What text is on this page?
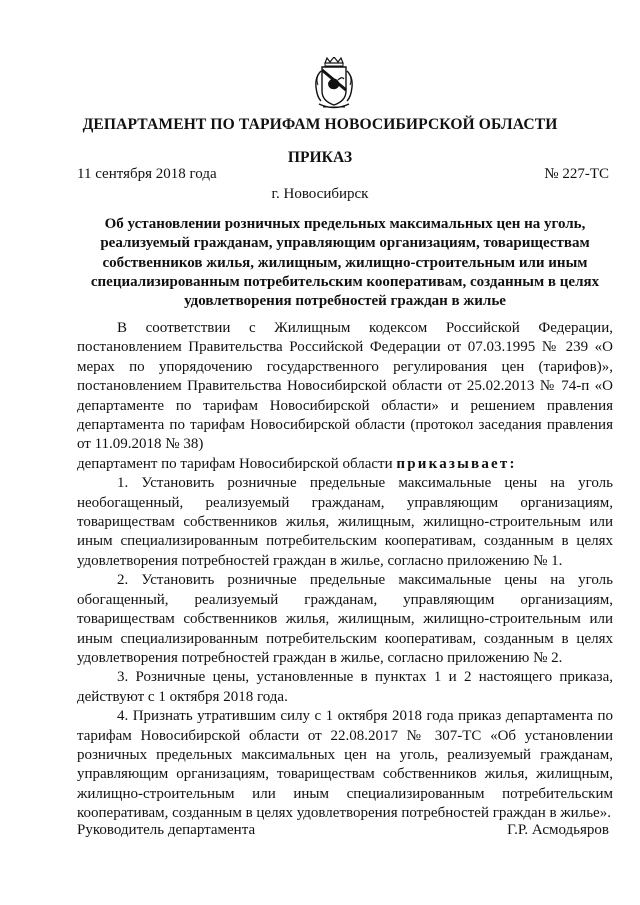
ДЕПАРТАМЕНТ ПО ТАРИФАМ НОВОСИБИРСКОЙ ОБЛАСТИ
ПРИКАЗ
11 сентября 2018 года	№ 227-ТС
г. Новосибирск
Об установлении розничных предельных максимальных цен на уголь, реализуемый гражданам, управляющим организациям, товариществам собственников жилья, жилищным, жилищно-строительным или иным специализированным потребительским кооперативам, созданным в целях удовлетворения потребностей граждан в жилье

В соответствии с Жилищным кодексом Российской Федерации, постановлением Правительства Российской Федерации от 07.03.1995 № 239 «О мерах по упорядочению государственного регулирования цен (тарифов)», постановлением Правительства Новосибирской области от 25.02.2013 № 74-п «О департаменте по тарифам Новосибирской области» и решением правления департамента по тарифам Новосибирской области (протокол заседания правления от 11.09.2018 № 38)

департамент по тарифам Новосибирской области приказывает:

1. Установить розничные предельные максимальные цены на уголь необогащенный, реализуемый гражданам, управляющим организациям, товариществам собственников жилья, жилищным, жилищно-строительным или иным специализированным потребительским кооперативам, созданным в целях удовлетворения потребностей граждан в жилье, согласно приложению № 1.

2. Установить розничные предельные максимальные цены на уголь обогащенный, реализуемый гражданам, управляющим организациям, товариществам собственников жилья, жилищным, жилищно-строительным или иным специализированным потребительским кооперативам, созданным в целях удовлетворения потребностей граждан в жилье, согласно приложению № 2.

3. Розничные цены, установленные в пунктах 1 и 2 настоящего приказа, действуют с 1 октября 2018 года.

4. Признать утратившим силу с 1 октября 2018 года приказ департамента по тарифам Новосибирской области от 22.08.2017 № 307-ТС «Об установлении розничных предельных максимальных цен на уголь, реализуемый гражданам, управляющим организациям, товариществам собственников жилья, жилищным, жилищно-строительным или иным специализированным потребительским кооперативам, созданным в целях удовлетворения потребностей граждан в жилье».

Руководитель департамента	Г.Р. Асмодьяров
